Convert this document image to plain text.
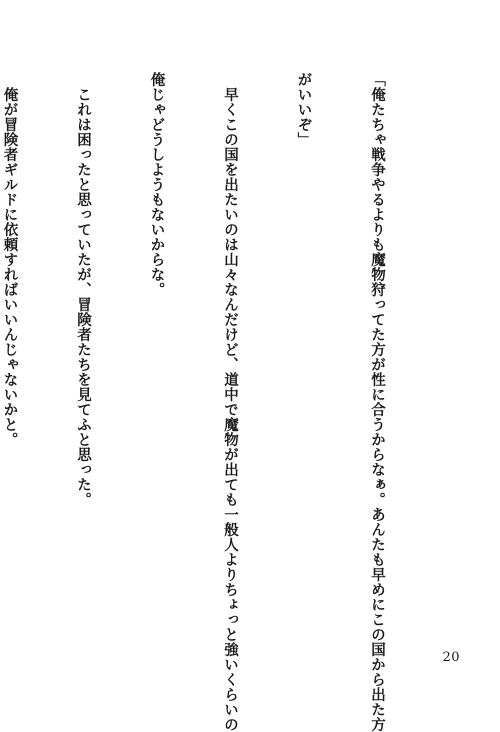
「俺たちゃ戦争やるよりも魔物狩ってた方が性に合うからなぁ。あんたも早めにこの国から出た方

がいいぞ」

　早くこの国を出たいのは山々なんだけど、道中で魔物が出ても一般人よりちょっと強いくらいの

俺じゃどうしようもないからな。

　これは困ったと思っていたが、冒険者たちを見てふと思った。

　俺が冒険者ギルドに依頼すればいいんじゃないかと。

20
